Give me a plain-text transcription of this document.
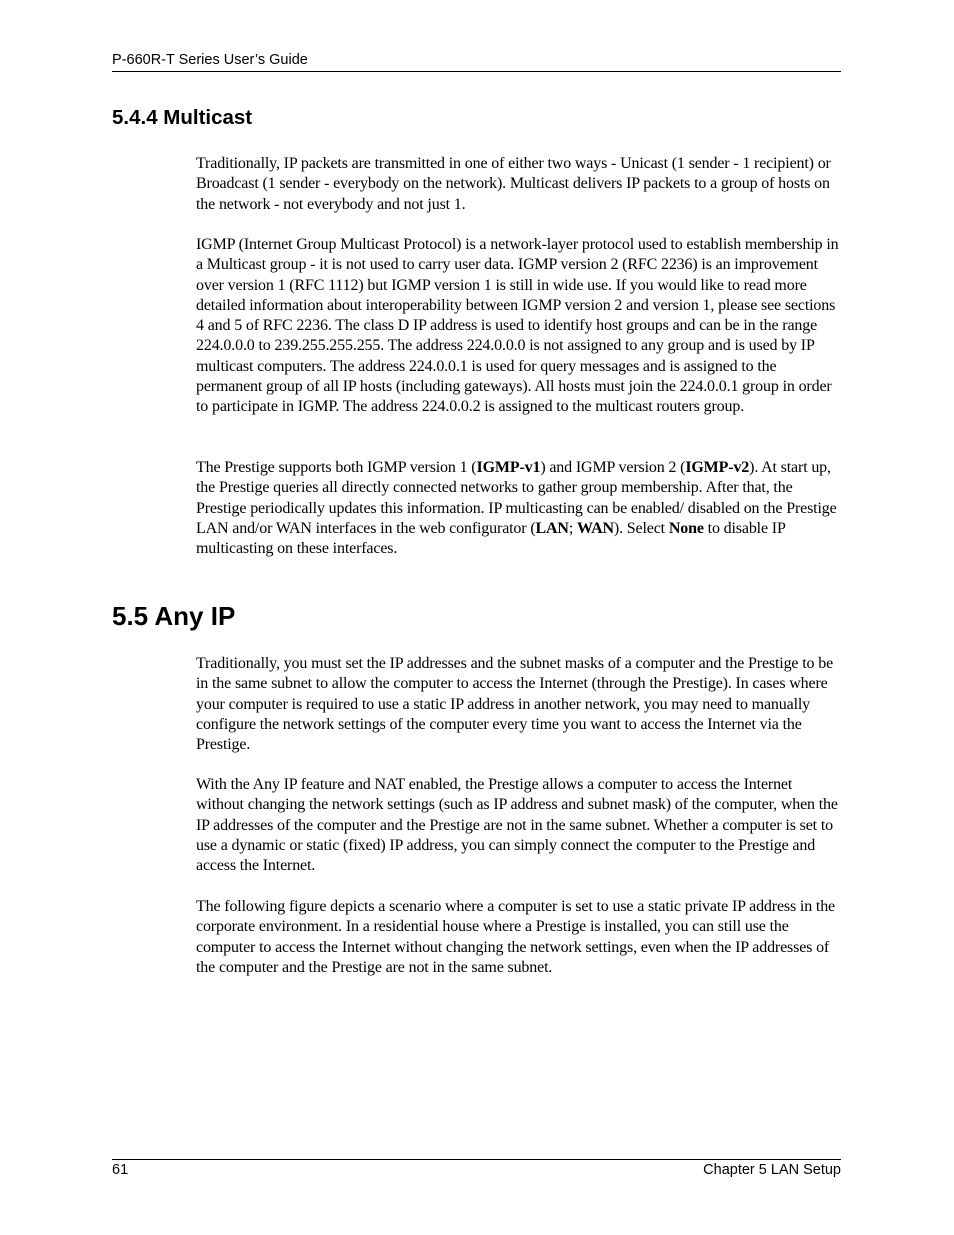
P-660R-T Series User’s Guide
5.4.4 Multicast

Traditionally, IP packets are transmitted in one of either two ways - Unicast (1 sender - 1 recipient) or Broadcast (1 sender - everybody on the network). Multicast delivers IP packets to a group of hosts on the network - not everybody and not just 1.

IGMP (Internet Group Multicast Protocol) is a network-layer protocol used to establish membership in a Multicast group - it is not used to carry user data. IGMP version 2 (RFC 2236) is an improvement over version 1 (RFC 1112) but IGMP version 1 is still in wide use. If you would like to read more detailed information about interoperability between IGMP version 2 and version 1, please see sections 4 and 5 of RFC 2236. The class D IP address is used to identify host groups and can be in the range 224.0.0.0 to 239.255.255.255. The address 224.0.0.0 is not assigned to any group and is used by IP multicast computers. The address 224.0.0.1 is used for query messages and is assigned to the permanent group of all IP hosts (including gateways). All hosts must join the 224.0.0.1 group in order to participate in IGMP. The address 224.0.0.2 is assigned to the multicast routers group.

The Prestige supports both IGMP version 1 (IGMP-v1) and IGMP version 2 (IGMP-v2). At start up, the Prestige queries all directly connected networks to gather group membership. After that, the Prestige periodically updates this information. IP multicasting can be enabled/ disabled on the Prestige LAN and/or WAN interfaces in the web configurator (LAN; WAN). Select None to disable IP multicasting on these interfaces.

5.5 Any IP

Traditionally, you must set the IP addresses and the subnet masks of a computer and the Prestige to be in the same subnet to allow the computer to access the Internet (through the Prestige). In cases where your computer is required to use a static IP address in another network, you may need to manually configure the network settings of the computer every time you want to access the Internet via the Prestige.

With the Any IP feature and NAT enabled, the Prestige allows a computer to access the Internet without changing the network settings (such as IP address and subnet mask) of the computer, when the IP addresses of the computer and the Prestige are not in the same subnet. Whether a computer is set to use a dynamic or static (fixed) IP address, you can simply connect the computer to the Prestige and access the Internet.

The following figure depicts a scenario where a computer is set to use a static private IP address in the corporate environment. In a residential house where a Prestige is installed, you can still use the computer to access the Internet without changing the network settings, even when the IP addresses of the computer and the Prestige are not in the same subnet.

61	Chapter 5 LAN Setup
